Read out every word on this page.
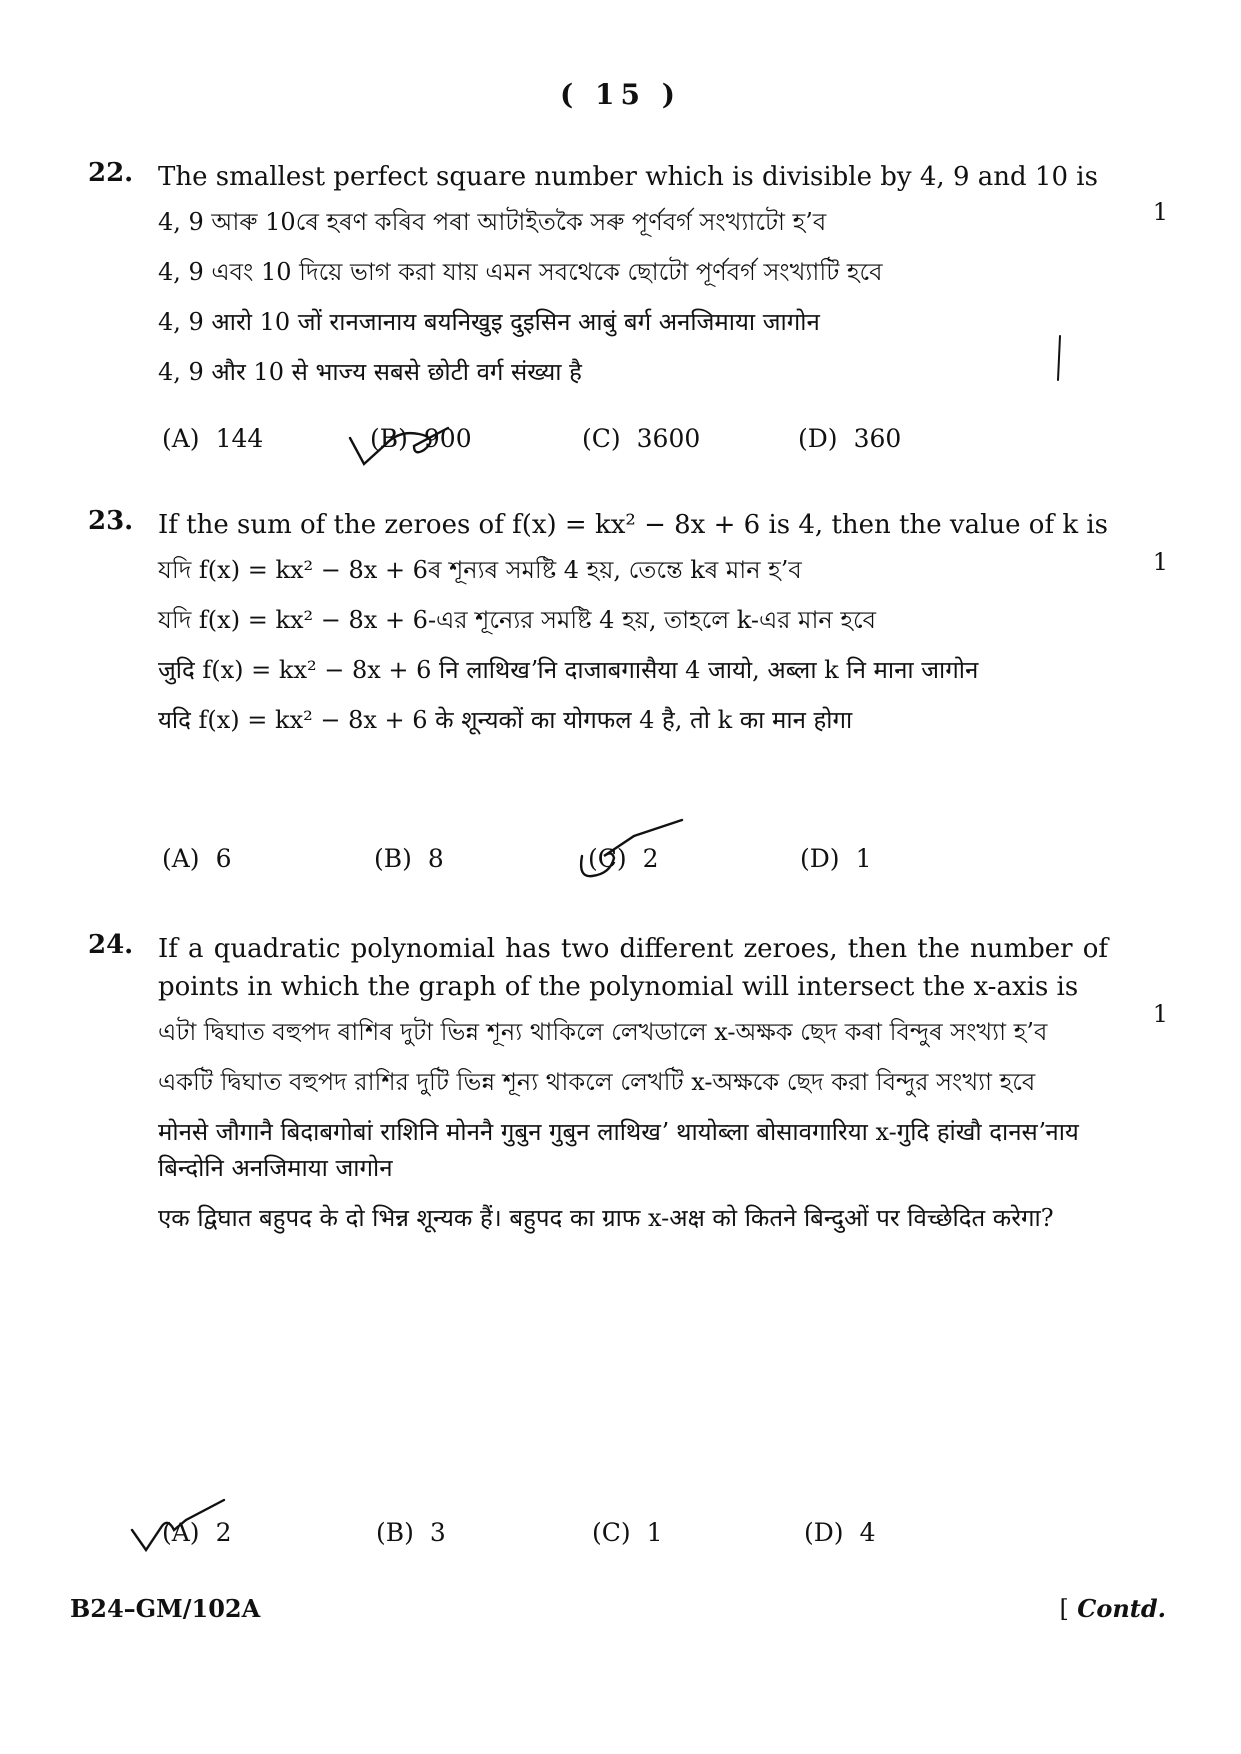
( 15 )
22. The smallest perfect square number which is divisible by 4, 9 and 10 is

4, 9 আৰু 10ৰে হৰণ কৰিব পৰা আটাইতকৈ সৰু পূৰ্ণবৰ্গ সংখ্যাটো হ’ব

4, 9 এবং 10 দিয়ে ভাগ করা যায় এমন সবথেকে ছোটো পূর্ণবর্গ সংখ্যাটি হবে

4, 9 आरो 10 जों रानजानाय बयनिखुइ दुइसिन आबुं बर्ग अनजिमाया जागोन

4, 9 और 10 से भाज्य सबसे छोटी वर्ग संख्या है

1
(A) 144	(B) 900	(C) 3600	(D) 360
23. If the sum of the zeroes of f(x) = kx² − 8x + 6 is 4, then the value of k is

যদি f(x) = kx² − 8x + 6ৰ শূন্যৰ সমষ্টি 4 হয়, তেন্তে kৰ মান হ’ব

যদি f(x) = kx² − 8x + 6-এর শূন্যের সমষ্টি 4 হয়, তাহলে k-এর মান হবে

जुदि f(x) = kx² − 8x + 6 नि लाथिखʼनि दाजाबगासैया 4 जायो, अब्ला k नि माना जागोन

यदि f(x) = kx² − 8x + 6 के शून्यकों का योगफल 4 है, तो k का मान होगा

1
(A) 6	(B) 8	(C) 2	(D) 1
24. If a quadratic polynomial has two different zeroes, then the number of points in which the graph of the polynomial will intersect the x-axis is

এটা দ্বিঘাত বহুপদ ৰাশিৰ দুটা ভিন্ন শূন্য থাকিলে লেখডালে x-অক্ষক ছেদ কৰা বিন্দুৰ সংখ্যা হ’ব

একটি দ্বিঘাত বহুপদ রাশির দুটি ভিন্ন শূন্য থাকলে লেখটি x-অক্ষকে ছেদ করা বিন্দুর সংখ্যা হবে

मोनसे जौगानै बिदाबगोबां राशिनि मोननै गुबुन गुबुन लाथिखʼ थायोब्ला बोसावगारिया x-गुदि हांखौ दानसʼनाय बिन्दोनि अनजिमाया जागोन

एक द्विघात बहुपद के दो भिन्न शून्यक हैं। बहुपद का ग्राफ x-अक्ष को कितने बिन्दुओं पर विच्छेदित करेगा?

1
(A) 2	(B) 3	(C) 1	(D) 4
B24–GM/102A	[ Contd.
